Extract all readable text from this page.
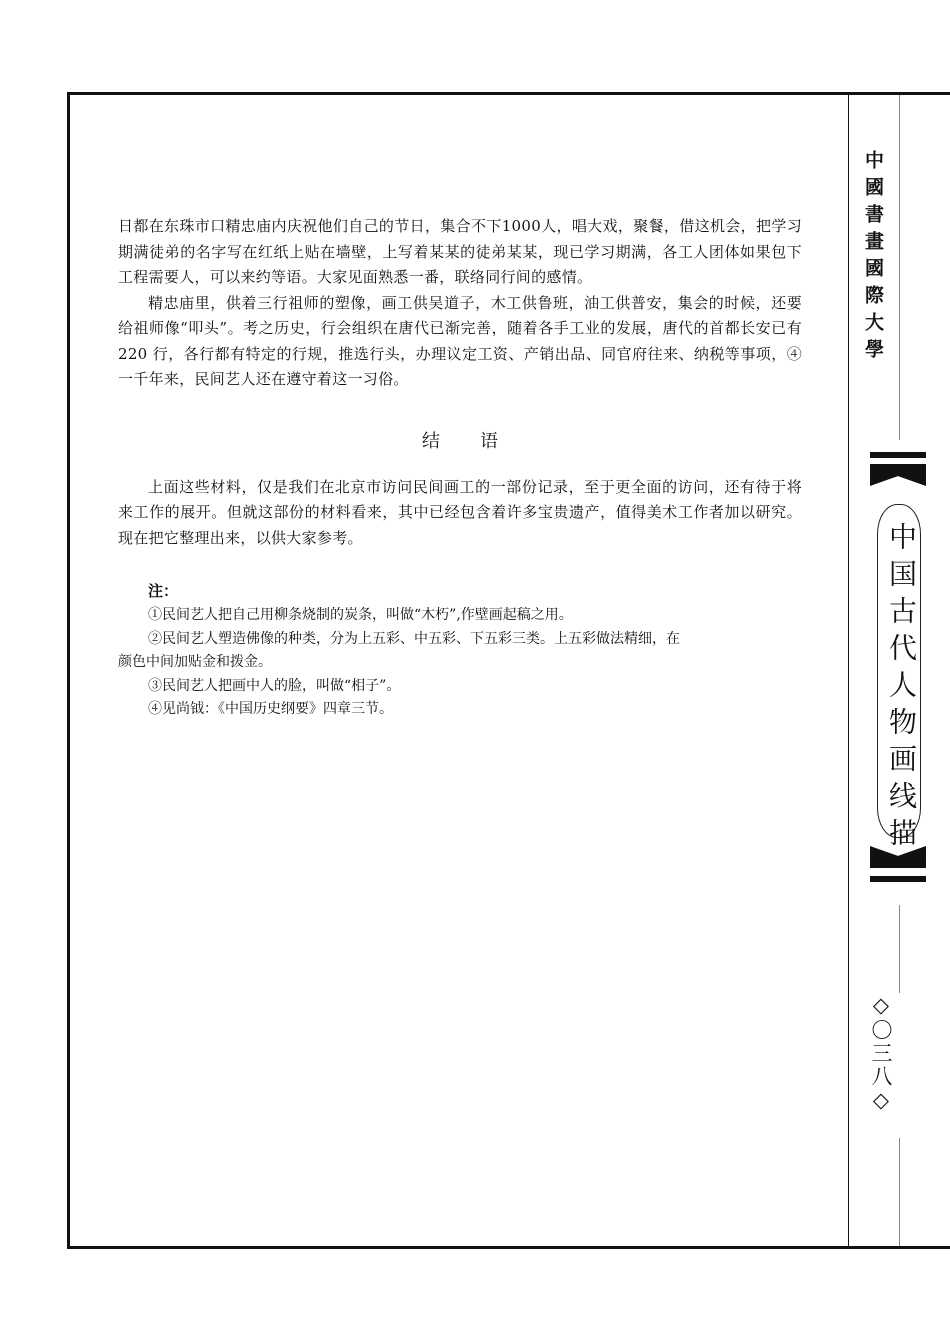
日都在东珠市口精忠庙内庆祝他们自己的节日，集合不下1000人，唱大戏，聚餐，借这机会，把学习期满徒弟的名字写在红纸上贴在墙壁，上写着某某的徒弟某某，现已学习期满，各工人团体如果包下工程需要人，可以来约等语。大家见面熟悉一番，联络同行间的感情。

精忠庙里，供着三行祖师的塑像，画工供吴道子，木工供鲁班，油工供普安，集会的时候，还要给祖师像“叩头”。考之历史，行会组织在唐代已渐完善，随着各手工业的发展，唐代的首都长安已有220 行，各行都有特定的行规，推选行头，办理议定工资、产销出品、同官府往来、纳税等事项，④ 一千年来，民间艺人还在遵守着这一习俗。

结语

上面这些材料，仅是我们在北京市访问民间画工的一部份记录，至于更全面的访问，还有待于将来工作的展开。但就这部份的材料看来，其中已经包含着许多宝贵遗产，值得美术工作者加以研究。现在把它整理出来，以供大家参考。

注：

①民间艺人把自己用柳条烧制的炭条，叫做“木朽”,作壁画起稿之用。

②民间艺人塑造佛像的种类，分为上五彩、中五彩、下五彩三类。上五彩做法精细，在

颜色中间加贴金和拨金。

③民间艺人把画中人的脸，叫做“相子”。

④见尚钺：《中国历史纲要》四章三节。

中國書畫國際大學
中国古代人物画线描
◇〇三八◇
